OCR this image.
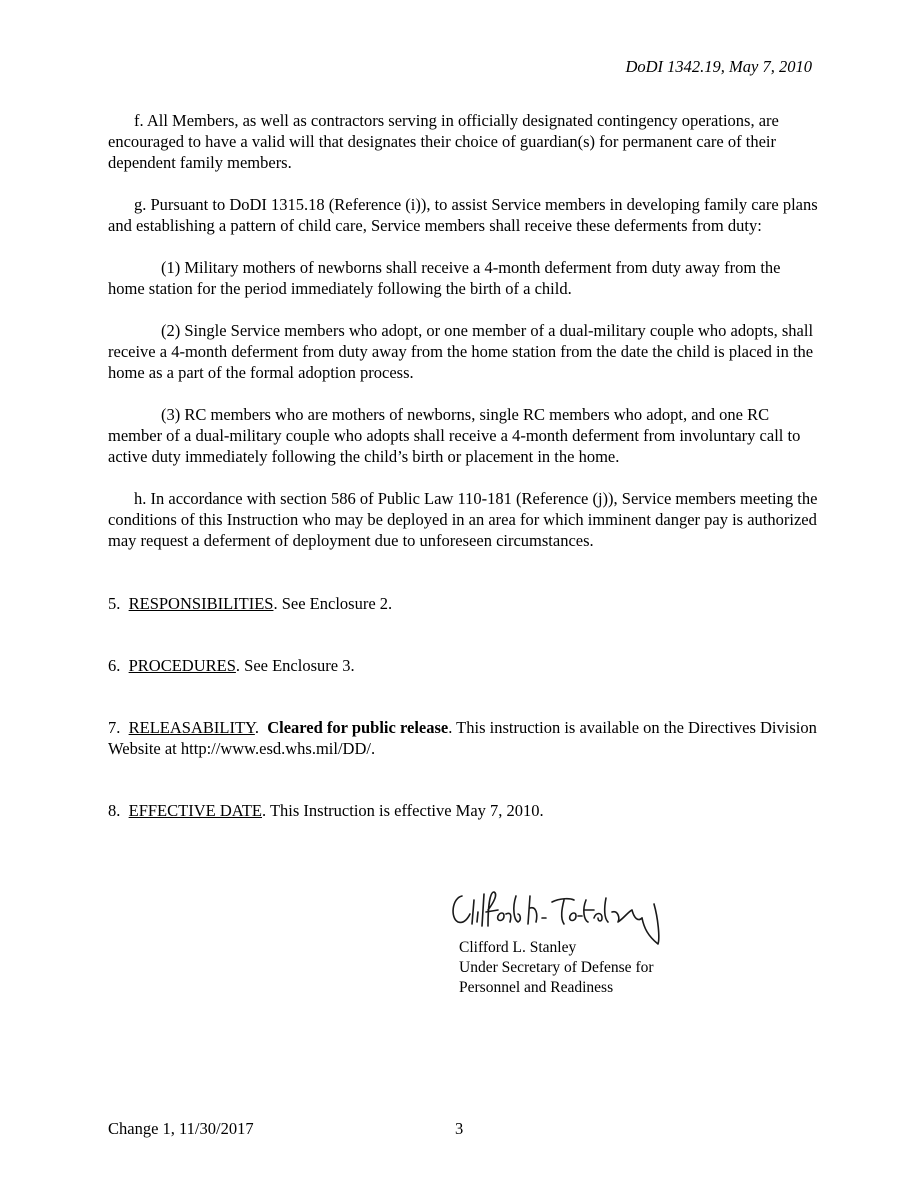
DoDI 1342.19, May 7, 2010

f. All Members, as well as contractors serving in officially designated contingency operations, are encouraged to have a valid will that designates their choice of guardian(s) for permanent care of their dependent family members.

g. Pursuant to DoDI 1315.18 (Reference (i)), to assist Service members in developing family care plans and establishing a pattern of child care, Service members shall receive these deferments from duty:

(1) Military mothers of newborns shall receive a 4-month deferment from duty away from the home station for the period immediately following the birth of a child.

(2) Single Service members who adopt, or one member of a dual-military couple who adopts, shall receive a 4-month deferment from duty away from the home station from the date the child is placed in the home as a part of the formal adoption process.

(3) RC members who are mothers of newborns, single RC members who adopt, and one RC member of a dual-military couple who adopts shall receive a 4-month deferment from involuntary call to active duty immediately following the child’s birth or placement in the home.

h. In accordance with section 586 of Public Law 110-181 (Reference (j)), Service members meeting the conditions of this Instruction who may be deployed in an area for which imminent danger pay is authorized may request a deferment of deployment due to unforeseen circumstances.

5. RESPONSIBILITIES. See Enclosure 2.

6. PROCEDURES. See Enclosure 3.

7. RELEASABILITY.  Cleared for public release. This instruction is available on the Directives Division Website at http://www.esd.whs.mil/DD/.

8. EFFECTIVE DATE. This Instruction is effective May 7, 2010.

Clifford L. Stanley
Under Secretary of Defense for
Personnel and Readiness
Change 1, 11/30/2017	3
